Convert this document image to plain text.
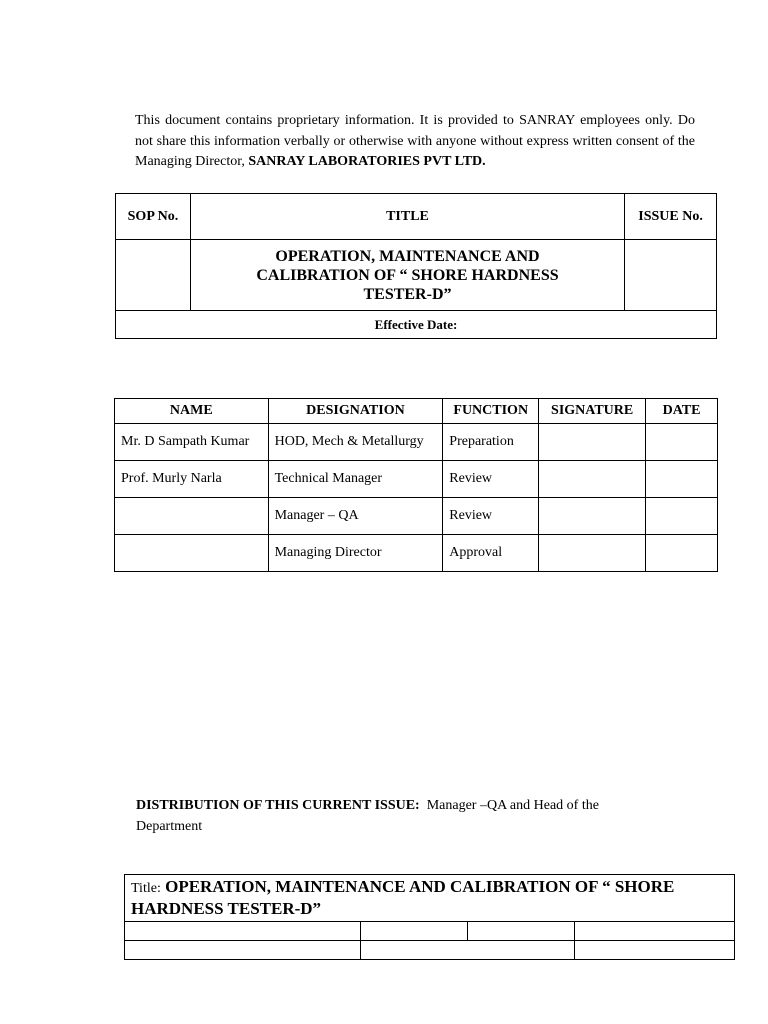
This document contains proprietary information. It is provided to SANRAY employees only. Do not share this information verbally or otherwise with anyone without express written consent of the Managing Director, SANRAY LABORATORIES PVT LTD.
SOP No.	TITLE	ISSUE No.

	OPERATION, MAINTENANCE AND
CALIBRATION OF “ SHORE HARDNESS
TESTER-D”	

Effective Date:		
NAME	DESIGNATION	FUNCTION	SIGNATURE	DATE
Mr. D Sampath Kumar	HOD, Mech & Metallurgy	Preparation		
Prof. Murly Narla	Technical Manager	Review		
	Manager – QA	Review		
	Managing Director	Approval		
DISTRIBUTION OF THIS CURRENT ISSUE: Manager –QA and Head of the Department
Title: OPERATION, MAINTENANCE AND CALIBRATION OF “ SHORE HARDNESS TESTER-D”			
